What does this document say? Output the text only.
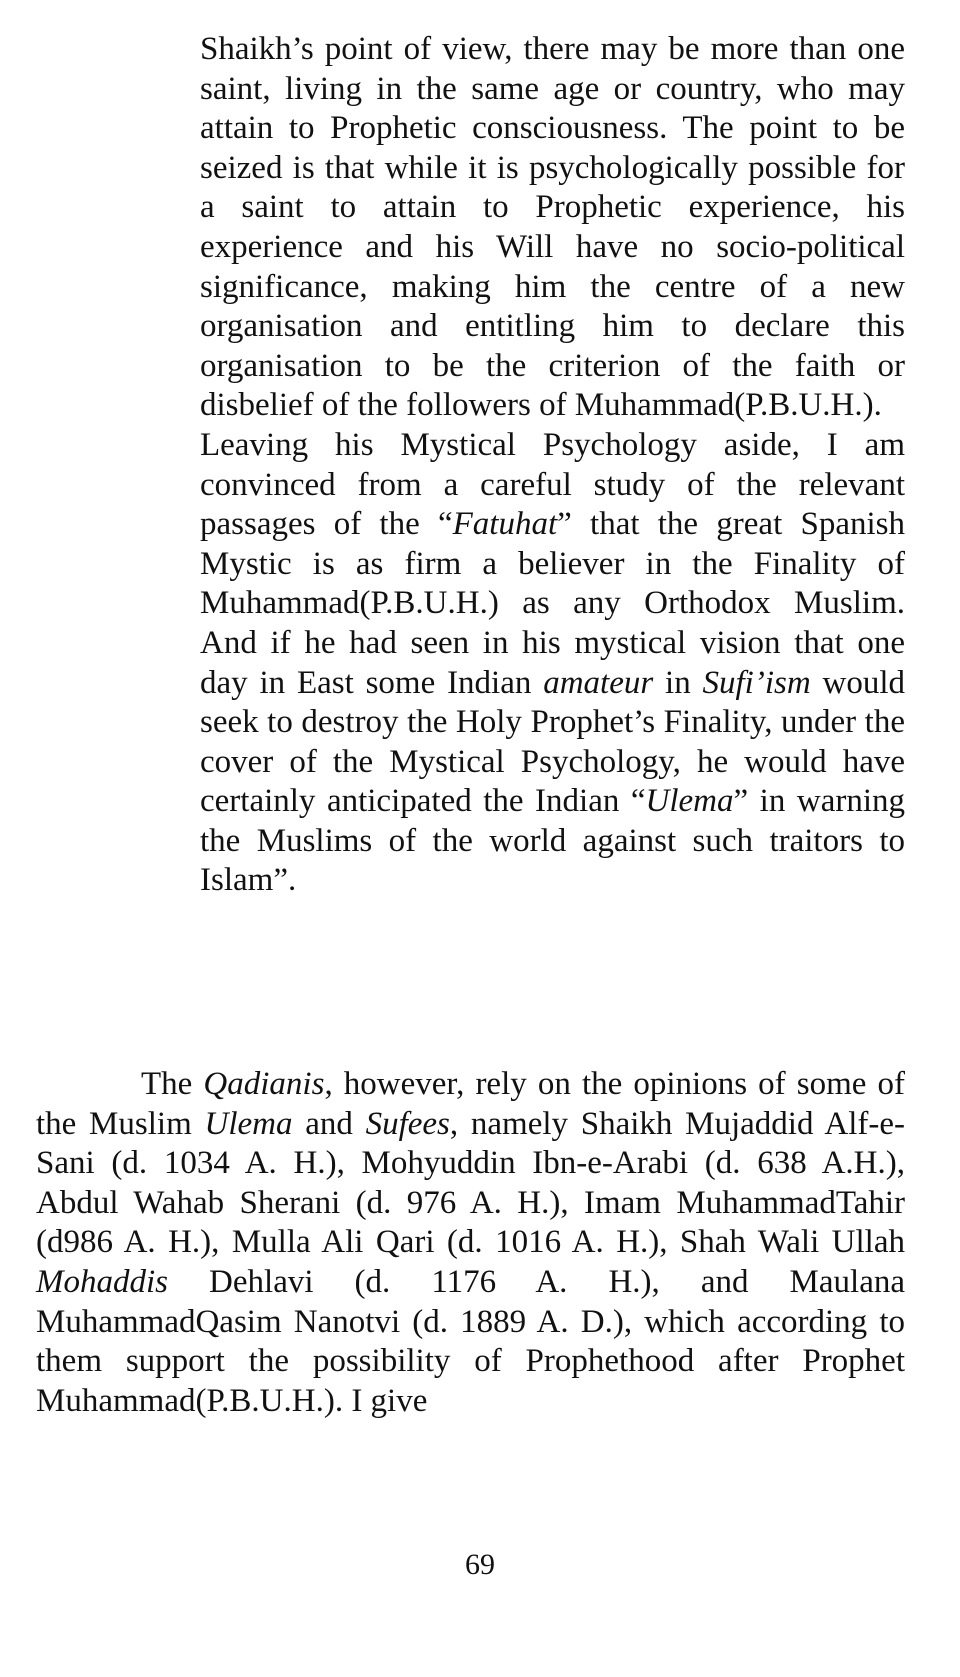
Shaikh’s point of view, there may be more than one saint, living in the same age or country, who may attain to Prophetic consciousness. The point to be seized is that while it is psychologically possible for a saint to attain to Prophetic experience, his experience and his Will have no socio-political significance, making him the centre of a new organisation and entitling him to declare this organisation to be the criterion of the faith or disbelief of the followers of Muhammad(P.B.U.H.).

Leaving his Mystical Psychology aside, I am convinced from a careful study of the relevant passages of the “Fatuhat” that the great Spanish Mystic is as firm a believer in the Finality of Muhammad(P.B.U.H.) as any Orthodox Muslim. And if he had seen in his mystical vision that one day in East some Indian amateur in Sufi’ism would seek to destroy the Holy Prophet’s Finality, under the cover of the Mystical Psychology, he would have certainly anticipated the Indian “Ulema” in warning the Muslims of the world against such traitors to Islam”.

The Qadianis, however, rely on the opinions of some of the Muslim Ulema and Sufees, namely Shaikh Mujaddid Alf-e-Sani (d. 1034 A. H.), Mohyuddin Ibn-e-Arabi (d. 638 A.H.), Abdul Wahab Sherani (d. 976 A. H.), Imam MuhammadTahir (d986 A. H.), Mulla Ali Qari (d. 1016 A. H.), Shah Wali Ullah Mohaddis Dehlavi (d. 1176 A. H.), and Maulana MuhammadQasim Nanotvi (d. 1889 A. D.), which according to them support the possibility of Prophethood after Prophet Muhammad(P.B.U.H.). I give

69
